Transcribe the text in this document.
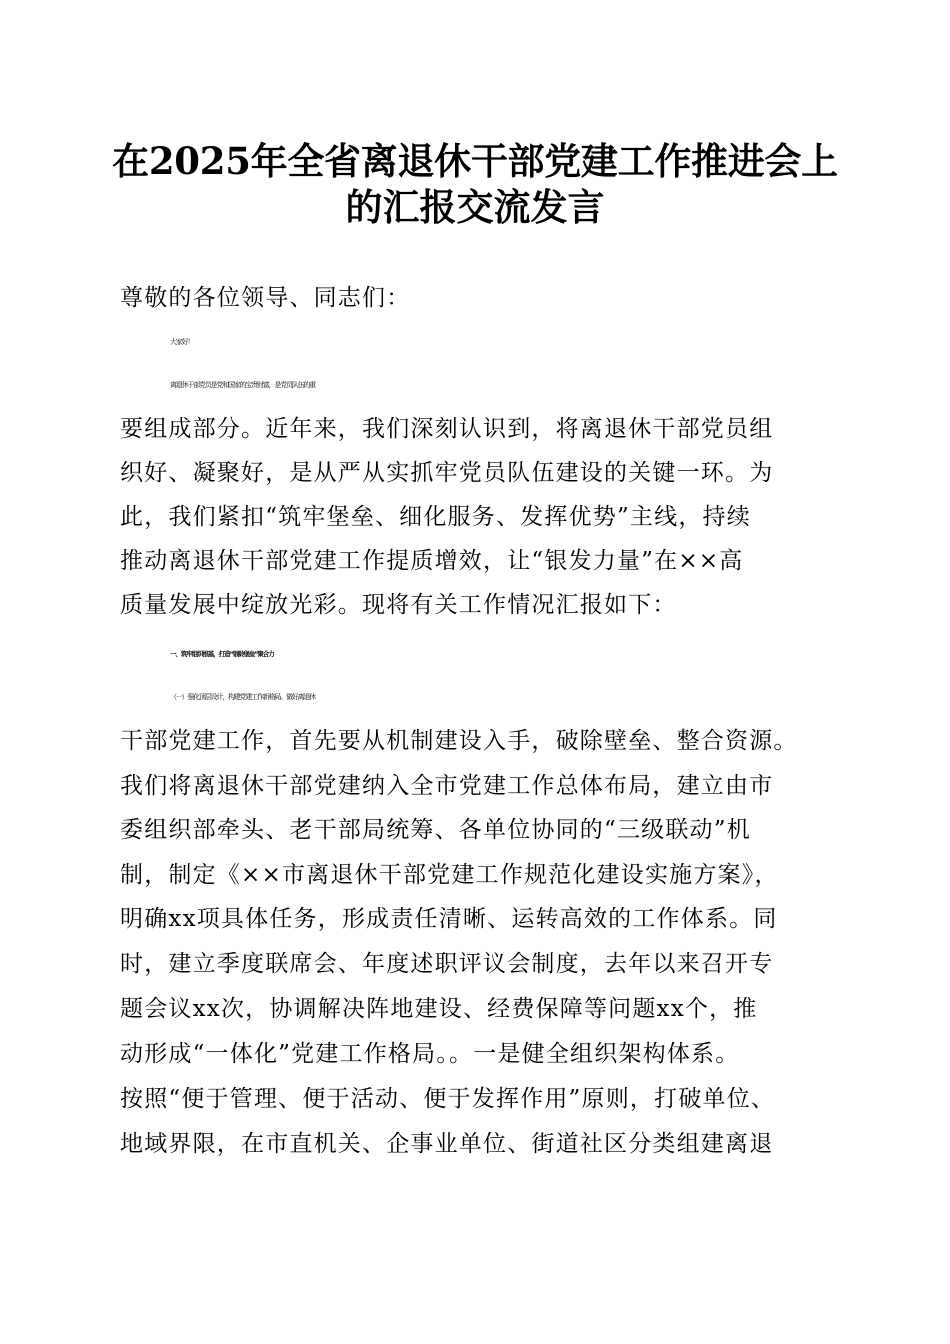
在2025年全省离退休干部党建工作推进会上
的汇报交流发言
尊敬的各位领导、同志们：
大家好！
离退休干部党员是党和国家的宝贵财富，是党员队伍的重
要组成部分。近年来，我们深刻认识到，将离退休干部党员组
织好、凝聚好，是从严从实抓牢党员队伍建设的关键一环。为
此，我们紧扣“筑牢堡垒、细化服务、发挥优势”主线，持续
推动离退休干部党建工作提质增效，让“银发力量”在××高
质量发展中绽放光彩。现将有关工作情况汇报如下：
一、筑牢组织根基，打造“银龄堡垒”聚合力
（一）强化顶层设计，构建党建工作新格局。做好离退休
干部党建工作，首先要从机制建设入手，破除壁垒、整合资源。
我们将离退休干部党建纳入全市党建工作总体布局，建立由市
委组织部牵头、老干部局统筹、各单位协同的“三级联动”机
制，制定《××市离退休干部党建工作规范化建设实施方案》，
明确xx项具体任务，形成责任清晰、运转高效的工作体系。同
时，建立季度联席会、年度述职评议会制度，去年以来召开专
题会议xx次，协调解决阵地建设、经费保障等问题xx个，推
动形成“一体化”党建工作格局。。一是健全组织架构体系。
按照“便于管理、便于活动、便于发挥作用”原则，打破单位、
地域界限，在市直机关、企事业单位、街道社区分类组建离退
